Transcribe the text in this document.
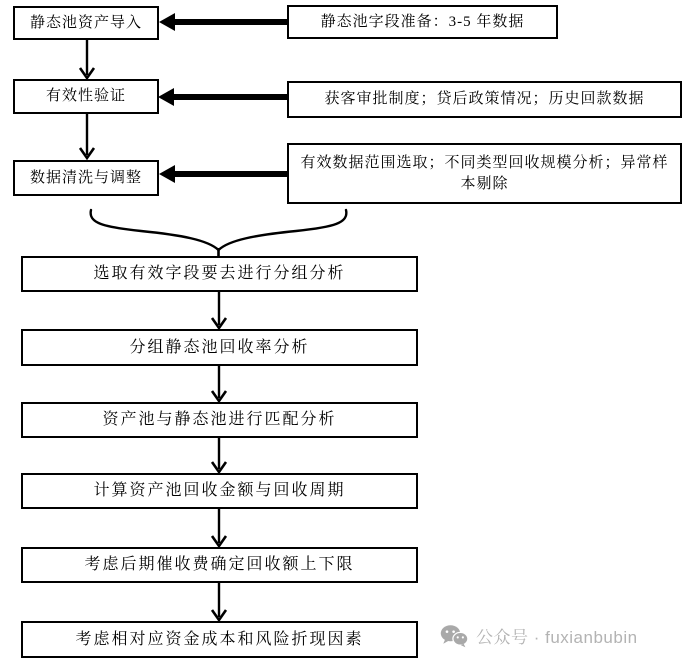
静态池资产导入
有效性验证
数据清洗与调整
静态池字段准备：3-5 年数据
获客审批制度；贷后政策情况；历史回款数据
有效数据范围选取；不同类型回收规模分析；异常样本剔除
选取有效字段要去进行分组分析
分组静态池回收率分析
资产池与静态池进行匹配分析
计算资产池回收金额与回收周期
考虑后期催收费确定回收额上下限
考虑相对应资金成本和风险折现因素	公众号 · fuxianbubin
